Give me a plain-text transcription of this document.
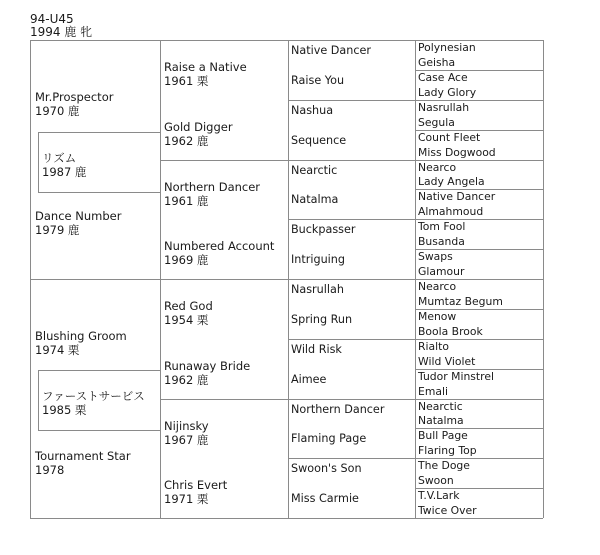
94-U45
1994 鹿 牝
リズム
1987 鹿
ファーストサービス
1985 栗
Mr.Prospector
1970 鹿
Dance Number
1979 鹿
Blushing Groom
1974 栗
Tournament Star
1978
Raise a Native
1961 栗
Gold Digger
1962 鹿
Northern Dancer
1961 鹿
Numbered Account
1969 鹿
Red God
1954 栗
Runaway Bride
1962 鹿
Nijinsky
1967 鹿
Chris Evert
1971 栗
Native Dancer
Raise You
Nashua
Sequence
Nearctic
Natalma
Buckpasser
Intriguing
Nasrullah
Spring Run
Wild Risk
Aimee
Northern Dancer
Flaming Page
Swoon's Son
Miss Carmie
Polynesian
Geisha
Case Ace
Lady Glory
Nasrullah
Segula
Count Fleet
Miss Dogwood
Nearco
Lady Angela
Native Dancer
Almahmoud
Tom Fool
Busanda
Swaps
Glamour
Nearco
Mumtaz Begum
Menow
Boola Brook
Rialto
Wild Violet
Tudor Minstrel
Emali
Nearctic
Natalma
Bull Page
Flaring Top
The Doge
Swoon
T.V.Lark
Twice Over
